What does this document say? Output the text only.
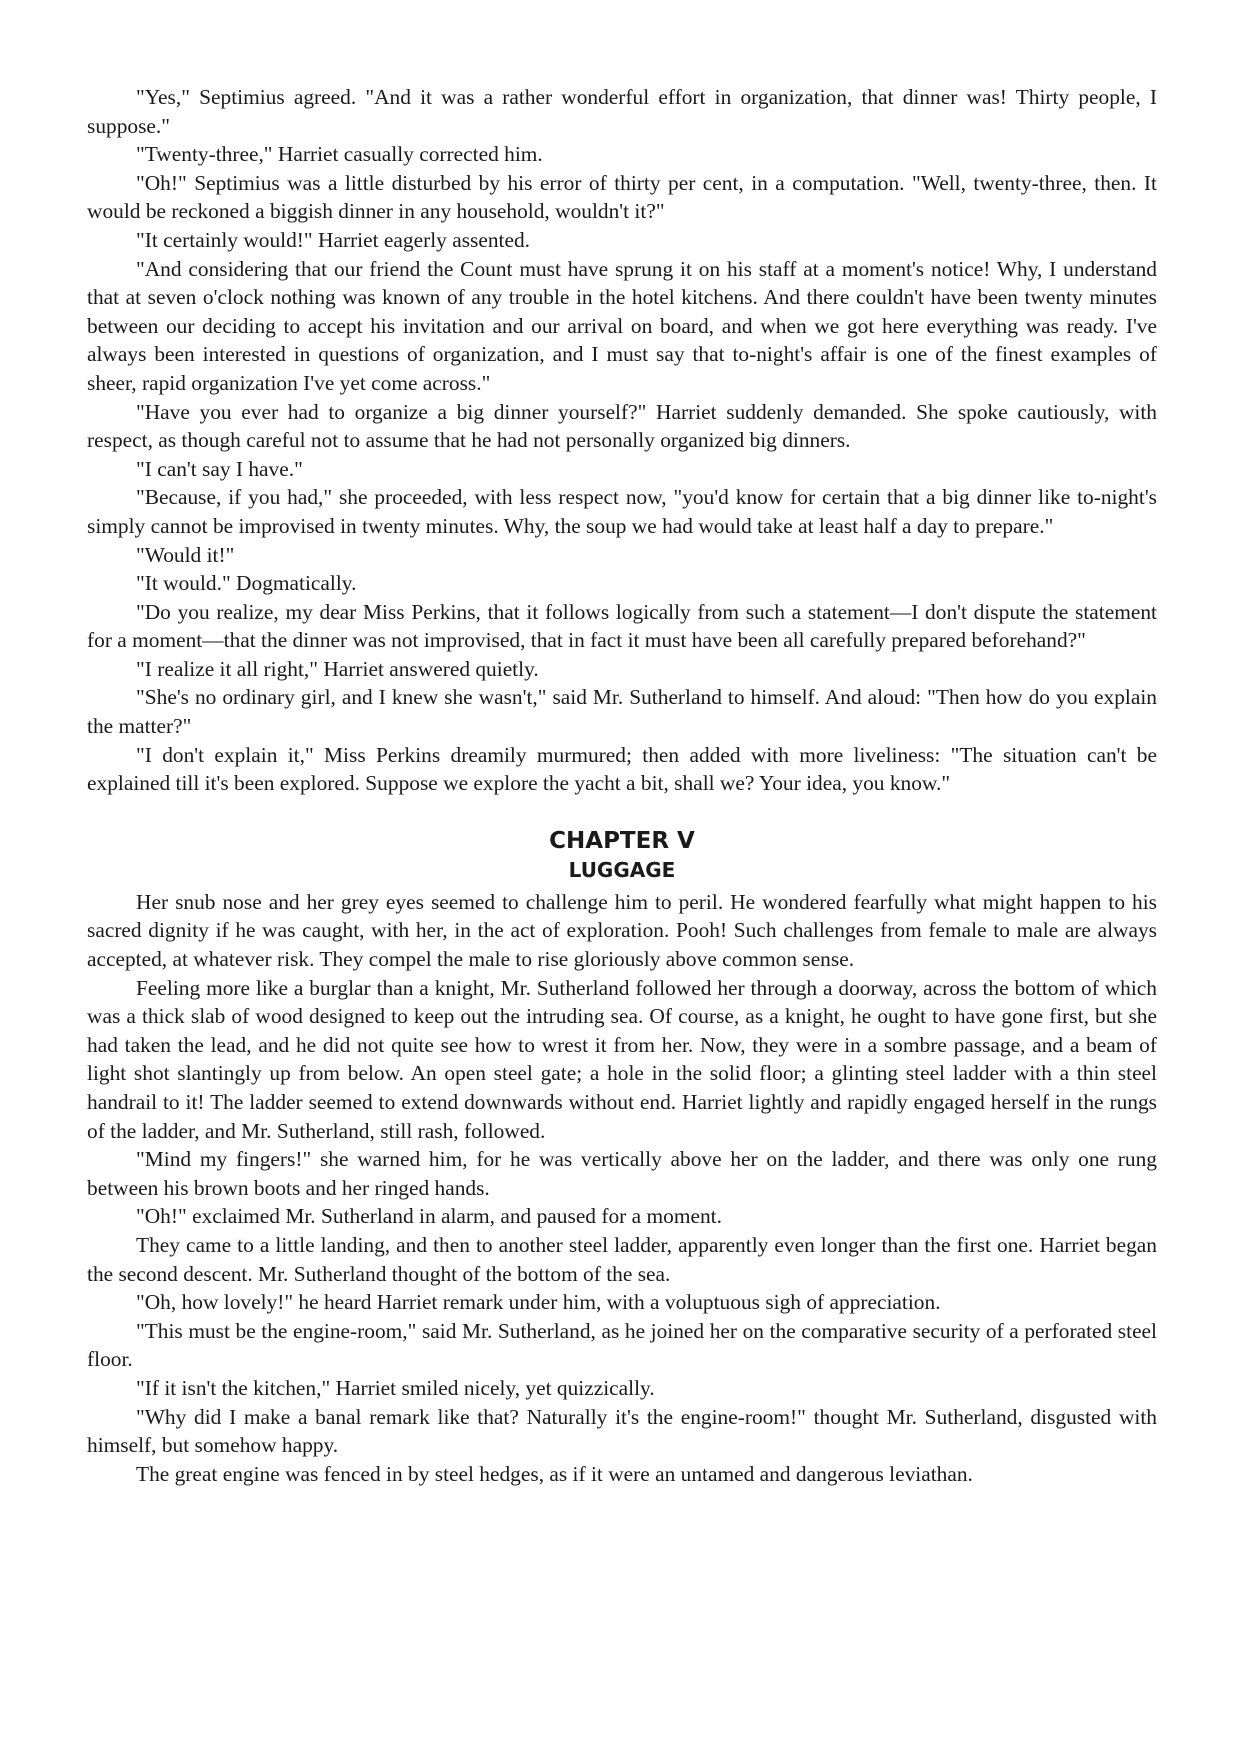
"Yes," Septimius agreed. "And it was a rather wonderful effort in organization, that dinner was! Thirty people, I suppose."

"Twenty-three," Harriet casually corrected him.

"Oh!" Septimius was a little disturbed by his error of thirty per cent, in a computation. "Well, twenty-three, then. It would be reckoned a biggish dinner in any household, wouldn't it?"

"It certainly would!" Harriet eagerly assented.

"And considering that our friend the Count must have sprung it on his staff at a moment's notice! Why, I understand that at seven o'clock nothing was known of any trouble in the hotel kitchens. And there couldn't have been twenty minutes between our deciding to accept his invitation and our arrival on board, and when we got here everything was ready. I've always been interested in questions of organization, and I must say that to-night's affair is one of the finest examples of sheer, rapid organization I've yet come across."

"Have you ever had to organize a big dinner yourself?" Harriet suddenly demanded. She spoke cautiously, with respect, as though careful not to assume that he had not personally organized big dinners.

"I can't say I have."

"Because, if you had," she proceeded, with less respect now, "you'd know for certain that a big dinner like to-night's simply cannot be improvised in twenty minutes. Why, the soup we had would take at least half a day to prepare."

"Would it!"

"It would." Dogmatically.

"Do you realize, my dear Miss Perkins, that it follows logically from such a statement—I don't dispute the statement for a moment—that the dinner was not improvised, that in fact it must have been all carefully prepared beforehand?"

"I realize it all right," Harriet answered quietly.

"She's no ordinary girl, and I knew she wasn't," said Mr. Sutherland to himself. And aloud: "Then how do you explain the matter?"

"I don't explain it," Miss Perkins dreamily murmured; then added with more liveliness: "The situation can't be explained till it's been explored. Suppose we explore the yacht a bit, shall we? Your idea, you know."

CHAPTER V
LUGGAGE

Her snub nose and her grey eyes seemed to challenge him to peril. He wondered fearfully what might happen to his sacred dignity if he was caught, with her, in the act of exploration. Pooh! Such challenges from female to male are always accepted, at whatever risk. They compel the male to rise gloriously above common sense.

Feeling more like a burglar than a knight, Mr. Sutherland followed her through a doorway, across the bottom of which was a thick slab of wood designed to keep out the intruding sea. Of course, as a knight, he ought to have gone first, but she had taken the lead, and he did not quite see how to wrest it from her. Now, they were in a sombre passage, and a beam of light shot slantingly up from below. An open steel gate; a hole in the solid floor; a glinting steel ladder with a thin steel handrail to it! The ladder seemed to extend downwards without end. Harriet lightly and rapidly engaged herself in the rungs of the ladder, and Mr. Sutherland, still rash, followed.

"Mind my fingers!" she warned him, for he was vertically above her on the ladder, and there was only one rung between his brown boots and her ringed hands.

"Oh!" exclaimed Mr. Sutherland in alarm, and paused for a moment.

They came to a little landing, and then to another steel ladder, apparently even longer than the first one. Harriet began the second descent. Mr. Sutherland thought of the bottom of the sea.

"Oh, how lovely!" he heard Harriet remark under him, with a voluptuous sigh of appreciation.

"This must be the engine-room," said Mr. Sutherland, as he joined her on the comparative security of a perforated steel floor.

"If it isn't the kitchen," Harriet smiled nicely, yet quizzically.

"Why did I make a banal remark like that? Naturally it's the engine-room!" thought Mr. Sutherland, disgusted with himself, but somehow happy.

The great engine was fenced in by steel hedges, as if it were an untamed and dangerous leviathan.
